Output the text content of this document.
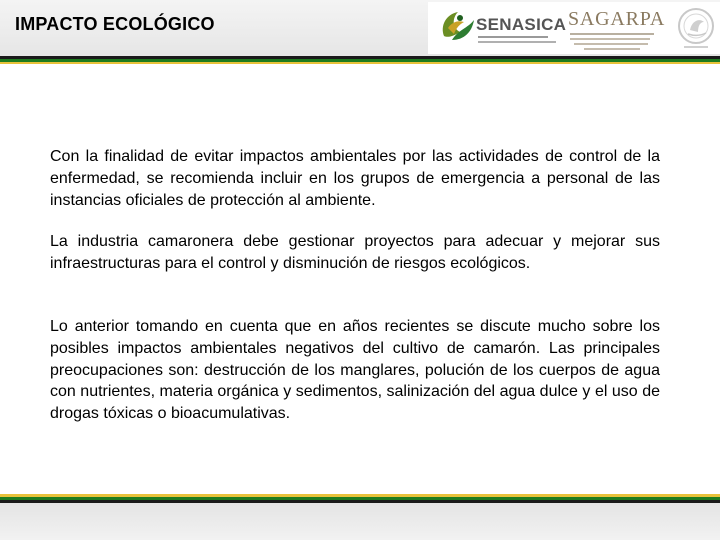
IMPACTO ECOLÓGICO	SENASICA SAGARPA

Con la finalidad de evitar impactos ambientales por las actividades de control de la enfermedad, se recomienda incluir en los grupos de emergencia a personal de las instancias oficiales de protección al ambiente.

La industria camaronera debe gestionar proyectos para adecuar y mejorar sus infraestructuras para el control y disminución de riesgos ecológicos.

Lo anterior tomando en cuenta que en años recientes se discute mucho sobre los posibles impactos ambientales negativos del cultivo de camarón. Las principales preocupaciones son: destrucción de los manglares, polución de los cuerpos de agua con nutrientes, materia orgánica y sedimentos, salinización del agua dulce y el uso de drogas tóxicas o bioacumulativas.
